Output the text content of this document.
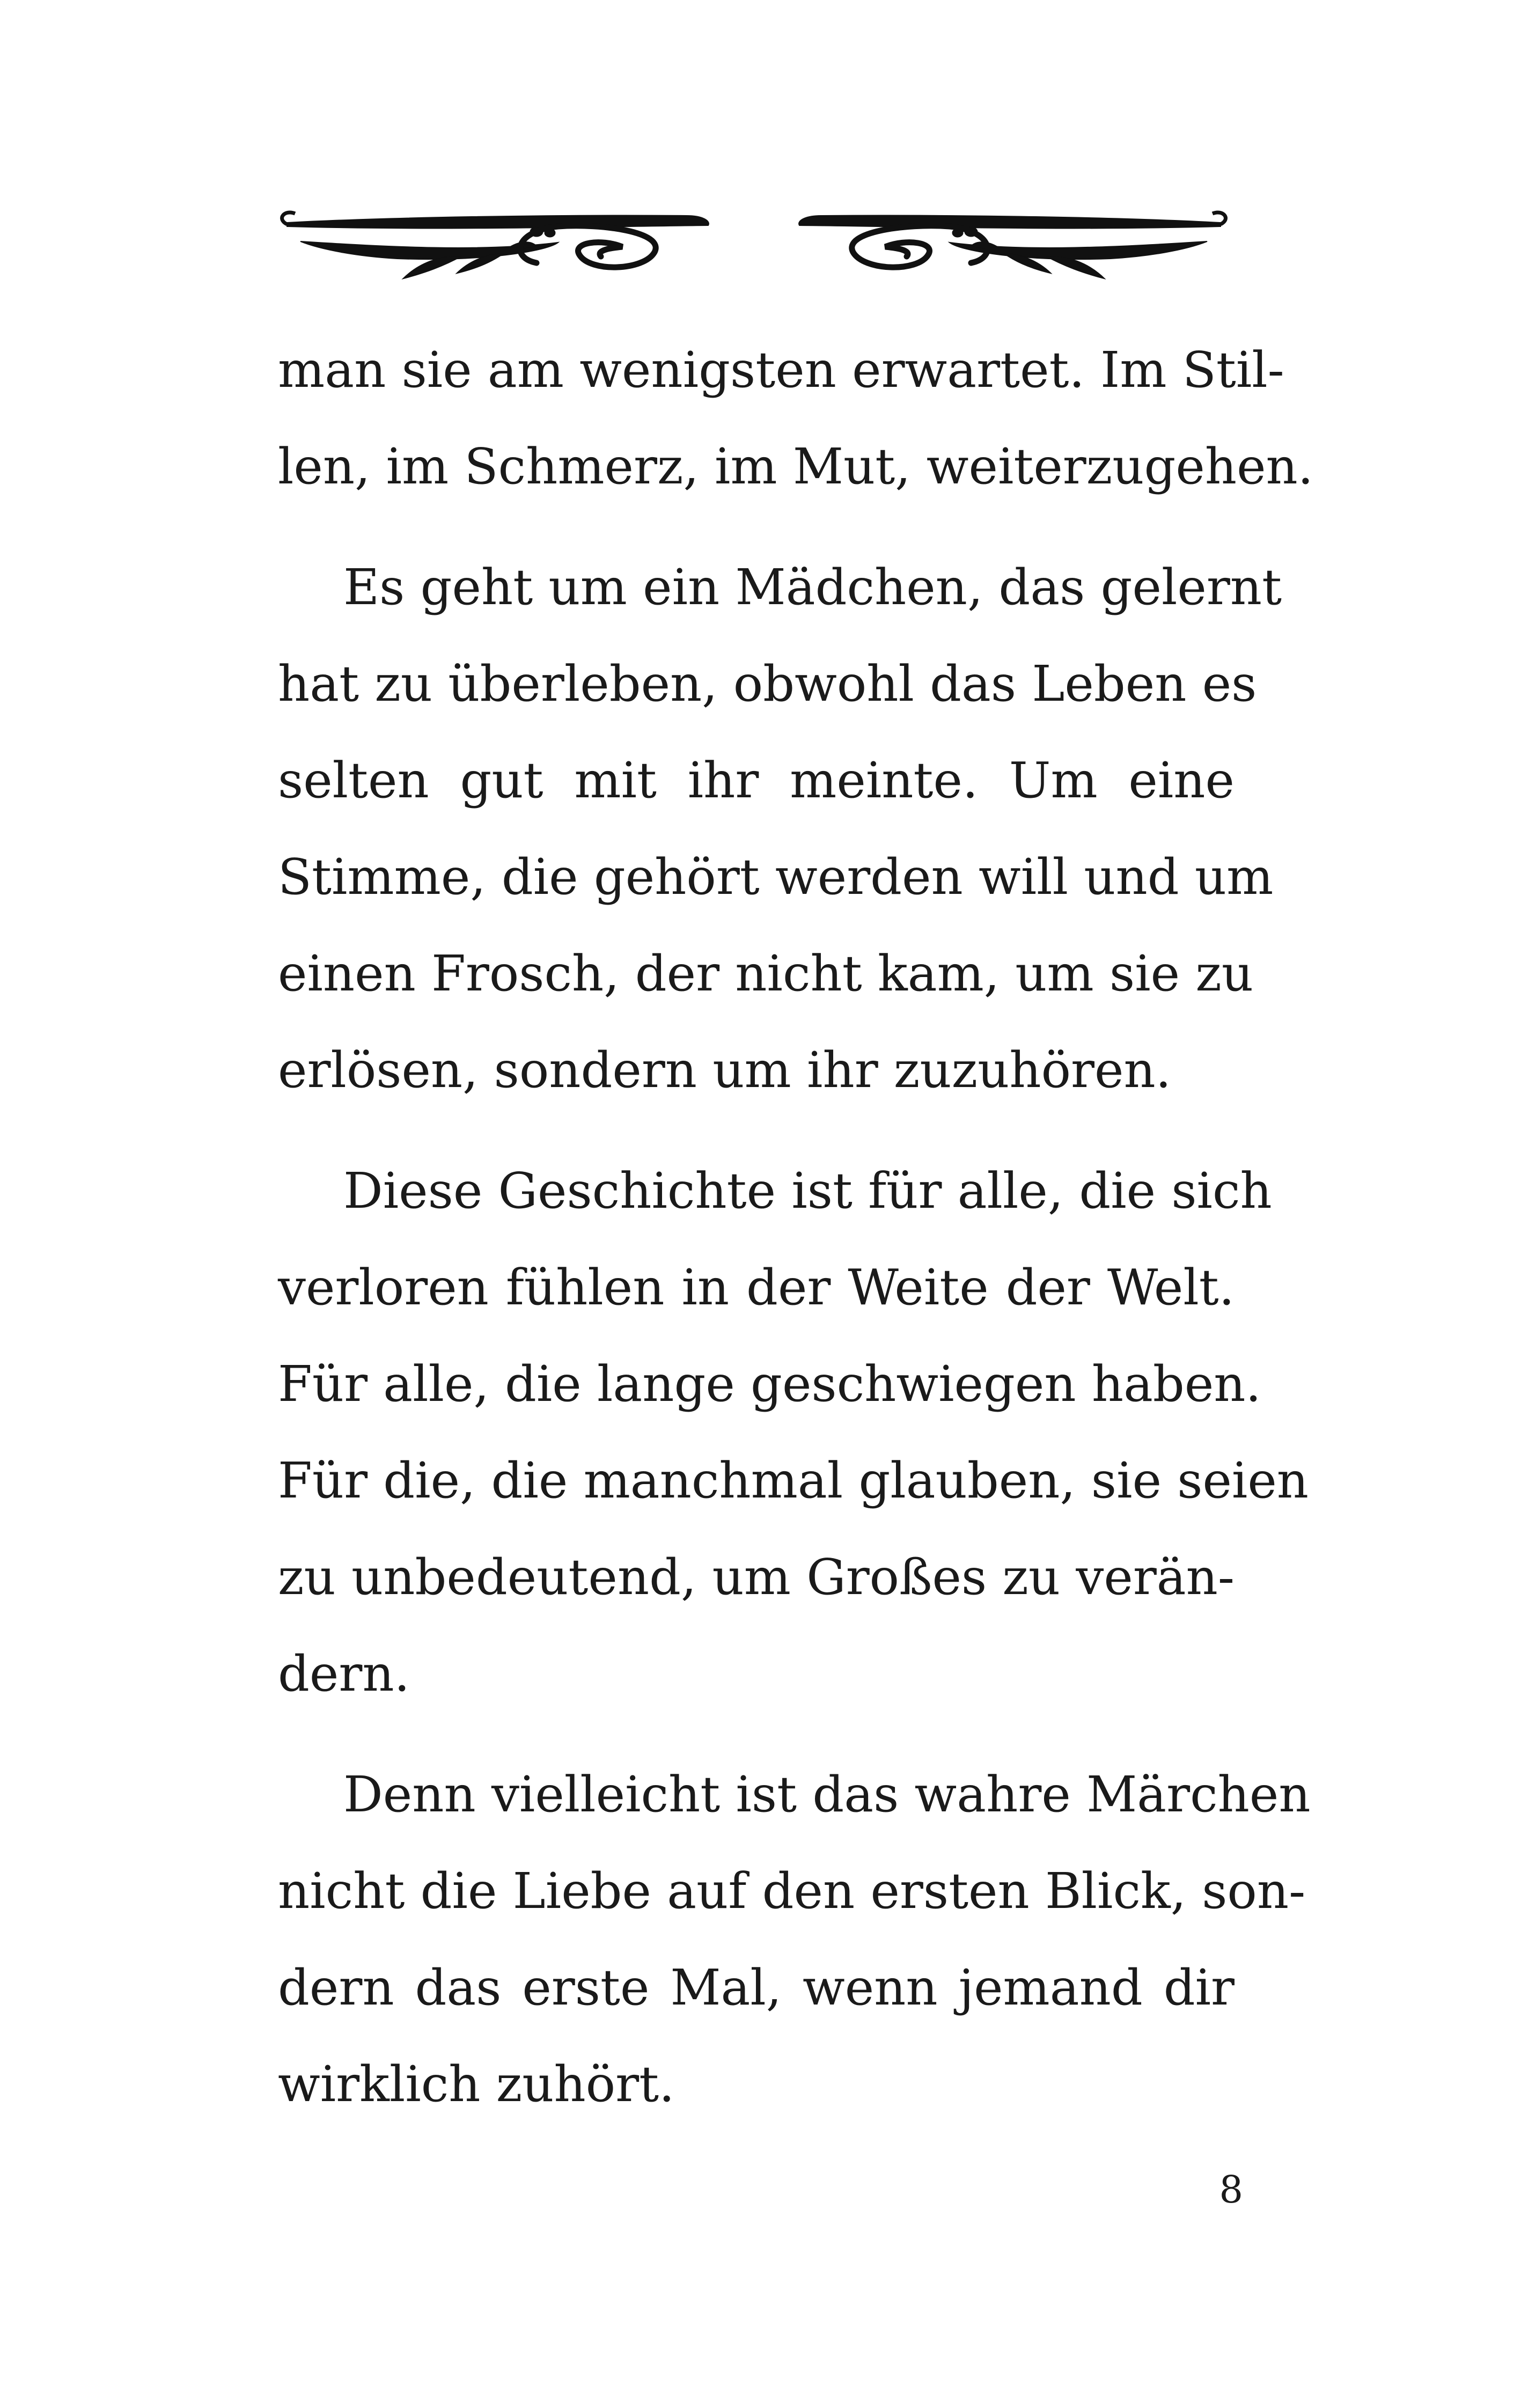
man sie am wenigsten erwartet. Im Stil-
len, im Schmerz, im Mut, weiterzugehen.
Es geht um ein Mädchen, das gelernt
hat zu überleben, obwohl das Leben es
selten gut mit ihr meinte. Um eine
Stimme, die gehört werden will und um
einen Frosch, der nicht kam, um sie zu
erlösen, sondern um ihr zuzuhören.
Diese Geschichte ist für alle, die sich
verloren fühlen in der Weite der Welt.
Für alle, die lange geschwiegen haben.
Für die, die manchmal glauben, sie seien
zu unbedeutend, um Großes zu verän-
dern.
Denn vielleicht ist das wahre Märchen
nicht die Liebe auf den ersten Blick, son-
dern das erste Mal, wenn jemand dir
wirklich zuhört.
8
